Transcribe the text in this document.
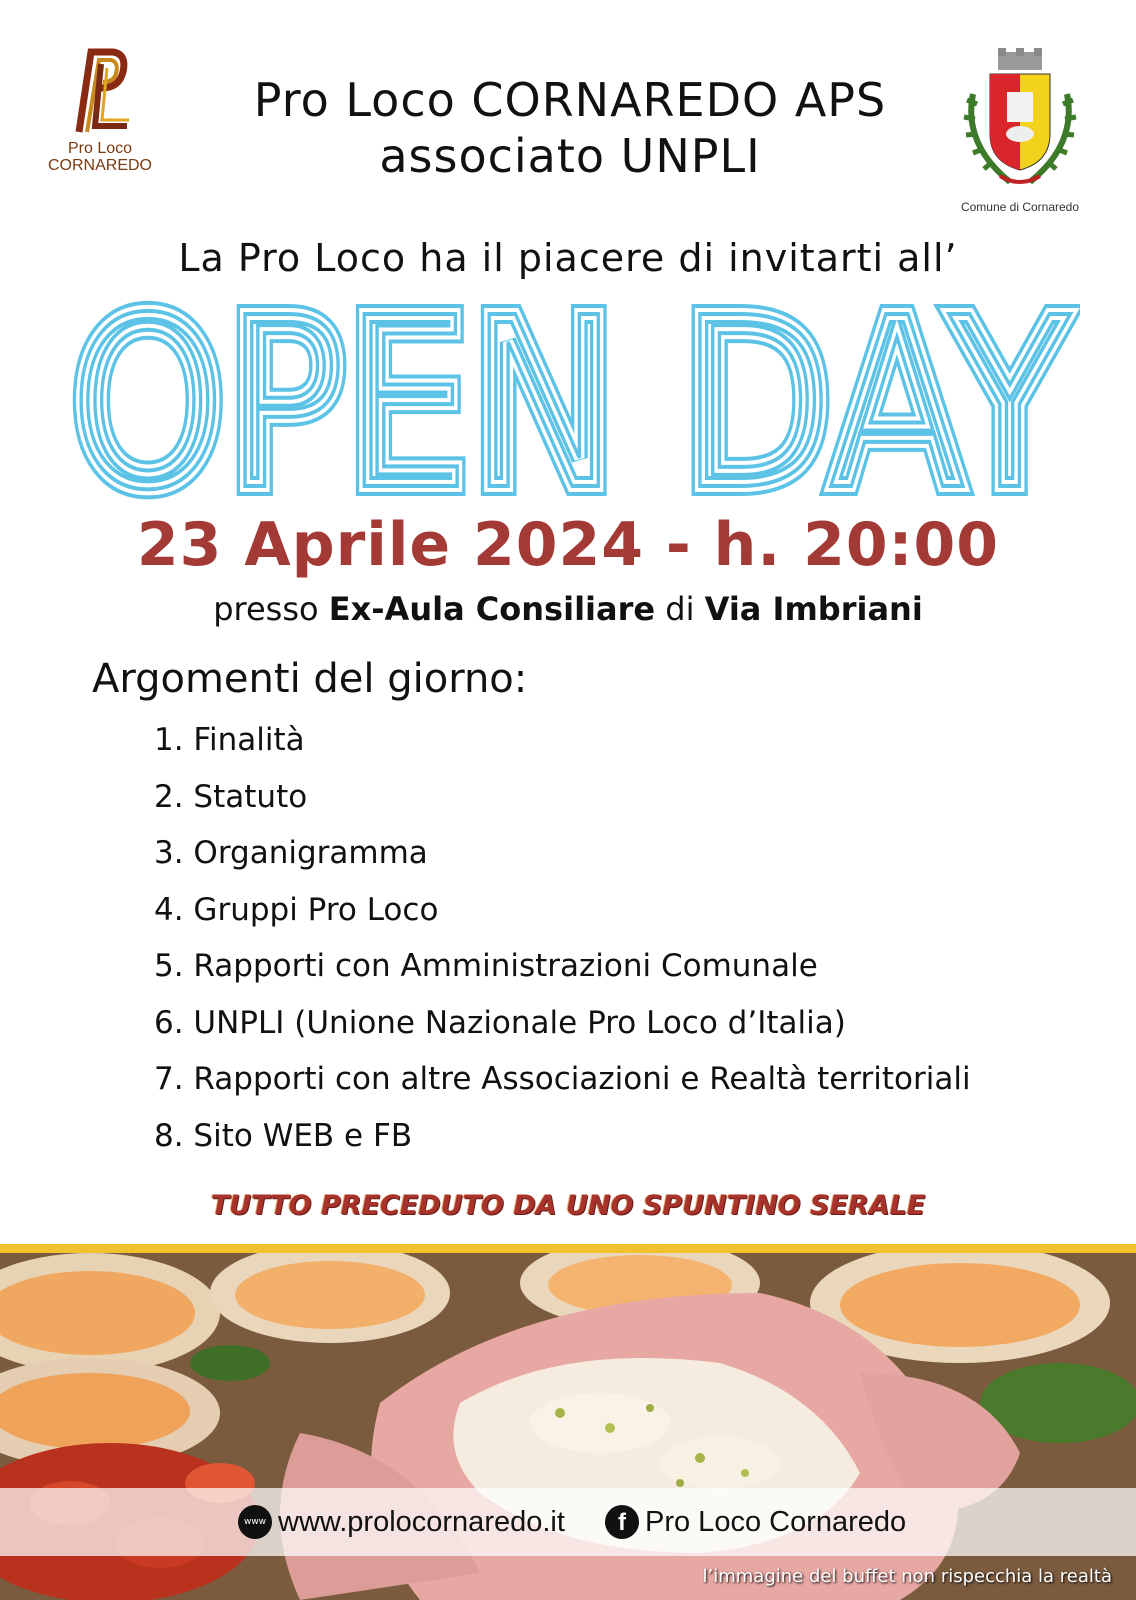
Pro Loco
CORNAREDO
Pro Loco CORNAREDO APS
associato UNPLI
Comune di Cornaredo
La Pro Loco ha il piacere di invitarti all’
OPEN DAY
OPEN DAY
OPEN DAY
23 Aprile 2024 - h. 20:00
presso Ex-Aula Consiliare di Via Imbriani
Argomenti del giorno:
1. Finalità
2. Statuto
3. Organigramma
4. Gruppi Pro Loco
5. Rapporti con Amministrazioni Comunale
6. UNPLI (Unione Nazionale Pro Loco d’Italia)
7. Rapporti con altre Associazioni e Realtà territoriali
8. Sito WEB e FB
TUTTO PRECEDUTO DA UNO SPUNTINO SERALE
www www.prolocornaredo.it	f Pro Loco Cornaredo
l’immagine del buffet non rispecchia la realtà
